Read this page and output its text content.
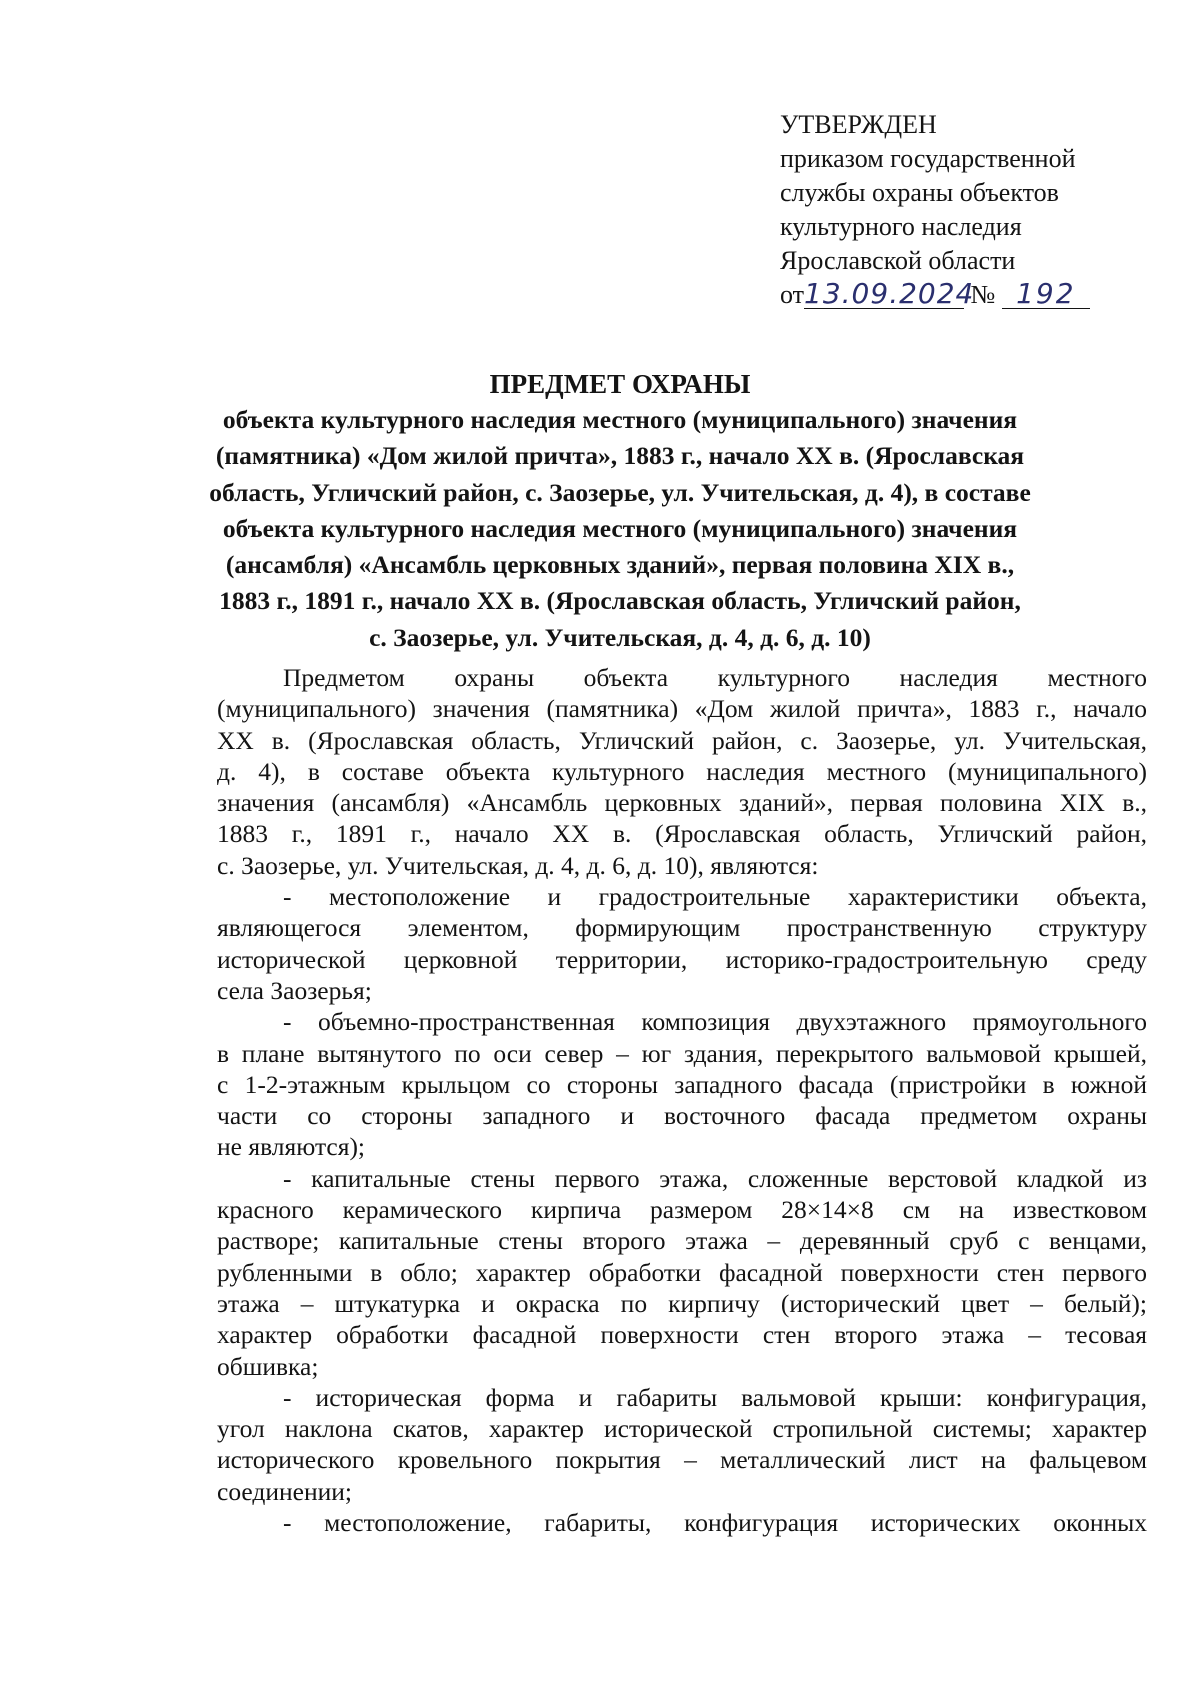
УТВЕРЖДЕН
приказом государственной
службы охраны объектов
культурного наследия
Ярославской области
от13.09.2024 № 192
ПРЕДМЕТ ОХРАНЫ
объекта культурного наследия местного (муниципального) значения
(памятника) «Дом жилой причта», 1883 г., начало XX в. (Ярославская
область, Угличский район, с. Заозерье, ул. Учительская, д. 4), в составе
объекта культурного наследия местного (муниципального) значения
(ансамбля) «Ансамбль церковных зданий», первая половина XIX в.,
1883 г., 1891 г., начало XX в. (Ярославская область, Угличский район,
с. Заозерье, ул. Учительская, д. 4, д. 6, д. 10)
Предметом охраны объекта культурного наследия местного
(муниципального) значения (памятника) «Дом жилой причта», 1883 г., начало
XX в. (Ярославская область, Угличский район, с. Заозерье, ул. Учительская,
д. 4), в составе объекта культурного наследия местного (муниципального)
значения (ансамбля) «Ансамбль церковных зданий», первая половина XIX в.,
1883 г., 1891 г., начало XX в. (Ярославская область, Угличский район,
с. Заозерье, ул. Учительская, д. 4, д. 6, д. 10), являются:
- местоположение и градостроительные характеристики объекта,
являющегося элементом, формирующим пространственную структуру
исторической церковной территории, историко-градостроительную среду
села Заозерья;
- объемно-пространственная композиция двухэтажного прямоугольного
в плане вытянутого по оси север – юг здания, перекрытого вальмовой крышей,
с 1-2-этажным крыльцом со стороны западного фасада (пристройки в южной
части со стороны западного и восточного фасада предметом охраны
не являются);
- капитальные стены первого этажа, сложенные верстовой кладкой из
красного керамического кирпича размером 28×14×8 см на известковом
растворе; капитальные стены второго этажа – деревянный сруб с венцами,
рубленными в обло; характер обработки фасадной поверхности стен первого
этажа – штукатурка и окраска по кирпичу (исторический цвет – белый);
характер обработки фасадной поверхности стен второго этажа – тесовая
обшивка;
- историческая форма и габариты вальмовой крыши: конфигурация,
угол наклона скатов, характер исторической стропильной системы; характер
исторического кровельного покрытия – металлический лист на фальцевом
соединении;
- местоположение, габариты, конфигурация исторических оконных
